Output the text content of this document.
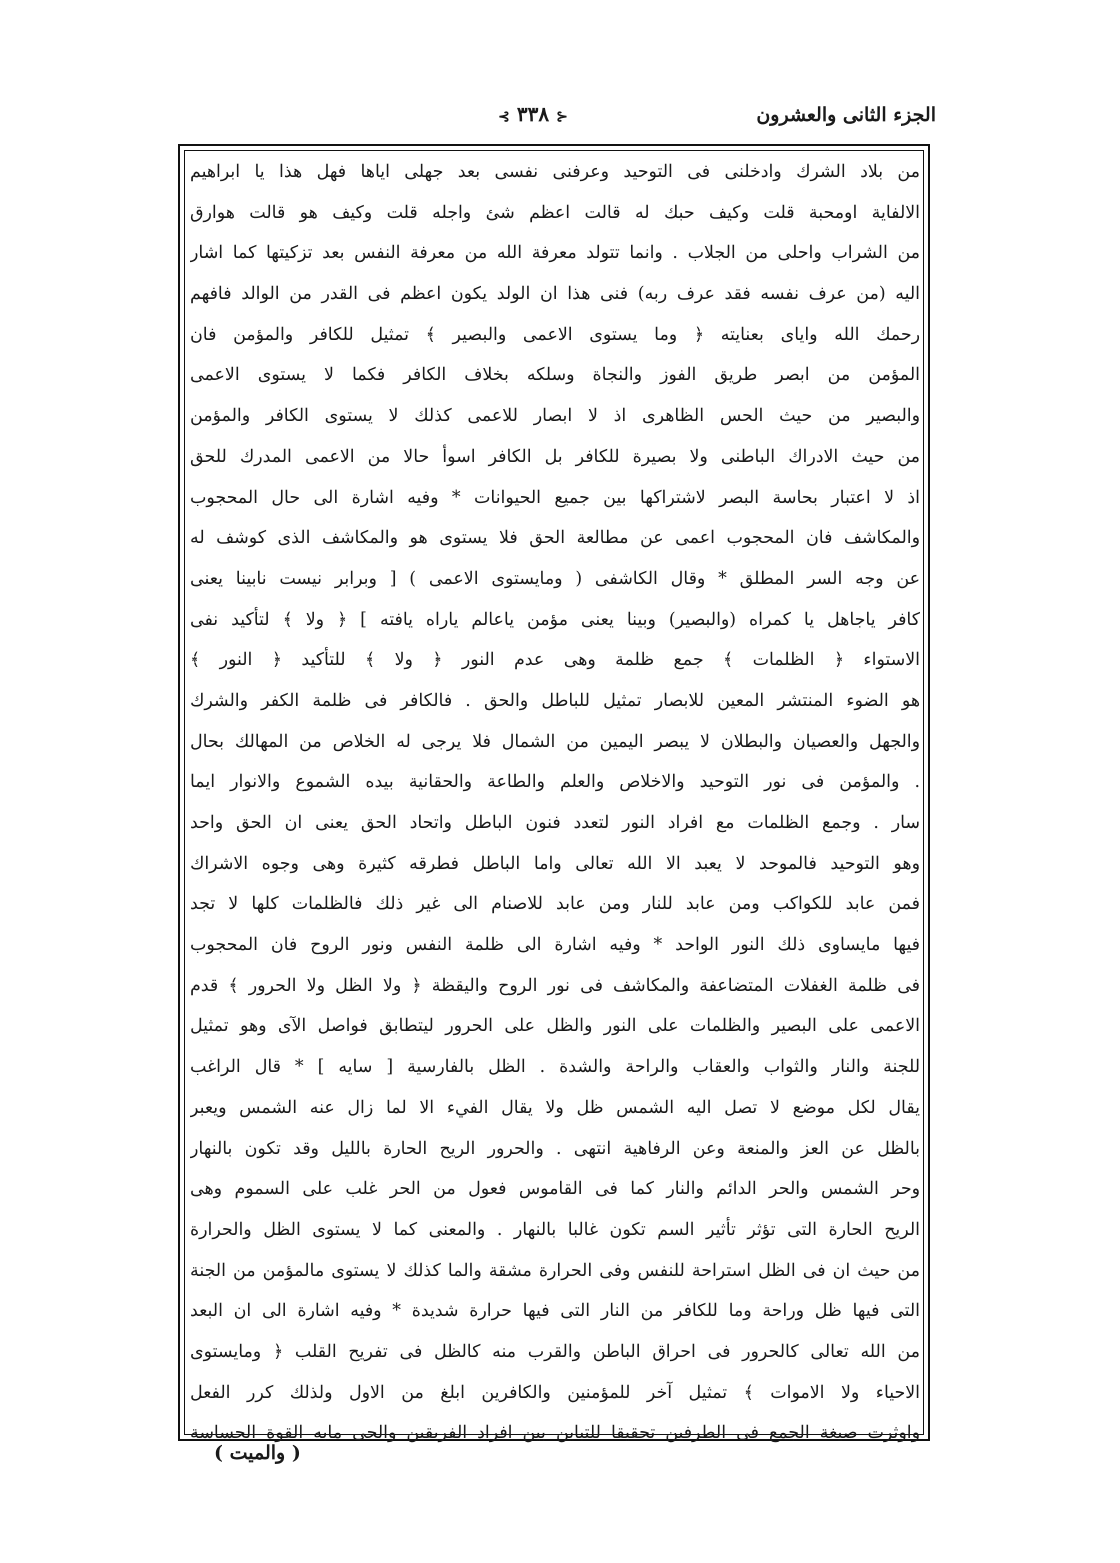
الجزء الثانى والعشرون
⊰ ٣٣٨ ⊱
من بلاد الشرك وادخلنى فى التوحيد وعرفنى نفسى بعد جهلى اياها فهل هذا يا ابراهيم
الالفاية اومحبة قلت وكيف حبك له قالت اعظم شئ واجله قلت وكيف هو قالت هوارق
من الشراب واحلى من الجلاب . وانما تتولد معرفة الله من معرفة النفس بعد تزكيتها كما اشار
اليه (من عرف نفسه فقد عرف ربه) فنى هذا ان الولد يكون اعظم فى القدر من الوالد فافهم
رحمك الله واياى بعنايته ﴿ وما يستوى الاعمى والبصير ﴾ تمثيل للكافر والمؤمن فان
المؤمن من ابصر طريق الفوز والنجاة وسلكه بخلاف الكافر فكما لا يستوى الاعمى
والبصير من حيث الحس الظاهرى اذ لا ابصار للاعمى كذلك لا يستوى الكافر والمؤمن
من حيث الادراك الباطنى ولا بصيرة للكافر بل الكافر اسوأ حالا من الاعمى المدرك للحق
اذ لا اعتبار بحاسة البصر لاشتراكها بين جميع الحيوانات * وفيه اشارة الى حال المحجوب
والمكاشف فان المحجوب اعمى عن مطالعة الحق فلا يستوى هو والمكاشف الذى كوشف له
عن وجه السر المطلق * وقال الكاشفى ( ومايستوى الاعمى ) [ وبرابر نيست نابينا يعنى
كافر ياجاهل يا كمراه (والبصير) وبينا يعنى مؤمن ياعالم ياراه يافته ] ﴿ ولا ﴾ لتأكيد نفى
الاستواء ﴿ الظلمات ﴾ جمع ظلمة وهى عدم النور ﴿ ولا ﴾ للتأكيد ﴿ النور ﴾
هو الضوء المنتشر المعين للابصار تمثيل للباطل والحق . فالكافر فى ظلمة الكفر والشرك
والجهل والعصيان والبطلان لا يبصر اليمين من الشمال فلا يرجى له الخلاص من المهالك بحال
. والمؤمن فى نور التوحيد والاخلاص والعلم والطاعة والحقانية بيده الشموع والانوار ايما
سار . وجمع الظلمات مع افراد النور لتعدد فنون الباطل واتحاد الحق يعنى ان الحق واحد
وهو التوحيد فالموحد لا يعبد الا الله تعالى واما الباطل فطرقه كثيرة وهى وجوه الاشراك
فمن عابد للكواكب ومن عابد للنار ومن عابد للاصنام الى غير ذلك فالظلمات كلها لا تجد
فيها مايساوى ذلك النور الواحد * وفيه اشارة الى ظلمة النفس ونور الروح فان المحجوب
فى ظلمة الغفلات المتضاعفة والمكاشف فى نور الروح واليقظة ﴿ ولا الظل ولا الحرور ﴾ قدم
الاعمى على البصير والظلمات على النور والظل على الحرور ليتطابق فواصل الآى وهو تمثيل
للجنة والنار والثواب والعقاب والراحة والشدة . الظل بالفارسية [ سايه ] * قال الراغب
يقال لكل موضع لا تصل اليه الشمس ظل ولا يقال الفيء الا لما زال عنه الشمس ويعبر
بالظل عن العز والمنعة وعن الرفاهية انتهى . والحرور الريح الحارة بالليل وقد تكون بالنهار
وحر الشمس والحر الدائم والنار كما فى القاموس فعول من الحر غلب على السموم وهى
الريح الحارة التى تؤثر تأثير السم تكون غالبا بالنهار . والمعنى كما لا يستوى الظل والحرارة
من حيث ان فى الظل استراحة للنفس وفى الحرارة مشقة والما كذلك لا يستوى مالمؤمن من الجنة
التى فيها ظل وراحة وما للكافر من النار التى فيها حرارة شديدة * وفيه اشارة الى ان البعد
من الله تعالى كالحرور فى احراق الباطن والقرب منه كالظل فى تفريح القلب ﴿ ومايستوى
الاحياء ولا الاموات ﴾ تمثيل آخر للمؤمنين والكافرين ابلغ من الاول ولذلك كرر الفعل
واوثرت صيغة الجمع فى الطرفين تحقيقا للتباين بين افراد الفريقين والحى مابه القوة الحساسة
( والميت )
